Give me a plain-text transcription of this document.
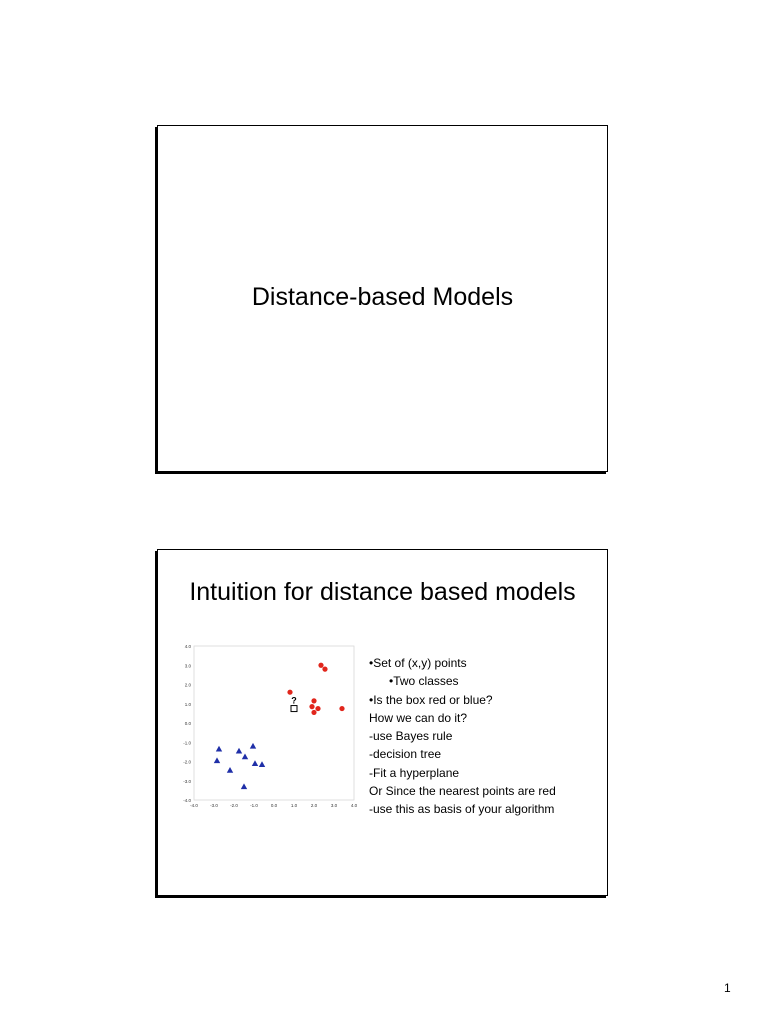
Distance-based Models
Intuition for distance based models
4.0
3.0
2.0
1.0
0.0
-1.0
-2.0
-3.0
-4.0
-4.0	-3.0	-2.0	-1.0	0.0	1.0	2.0	3.0	4.0
?
•Set of (x,y) points
•Two classes
•Is the box red or blue?
How we can do it?
-use Bayes rule
-decision tree
-Fit a hyperplane
Or Since the nearest points are red
-use this as basis of your algorithm
1
